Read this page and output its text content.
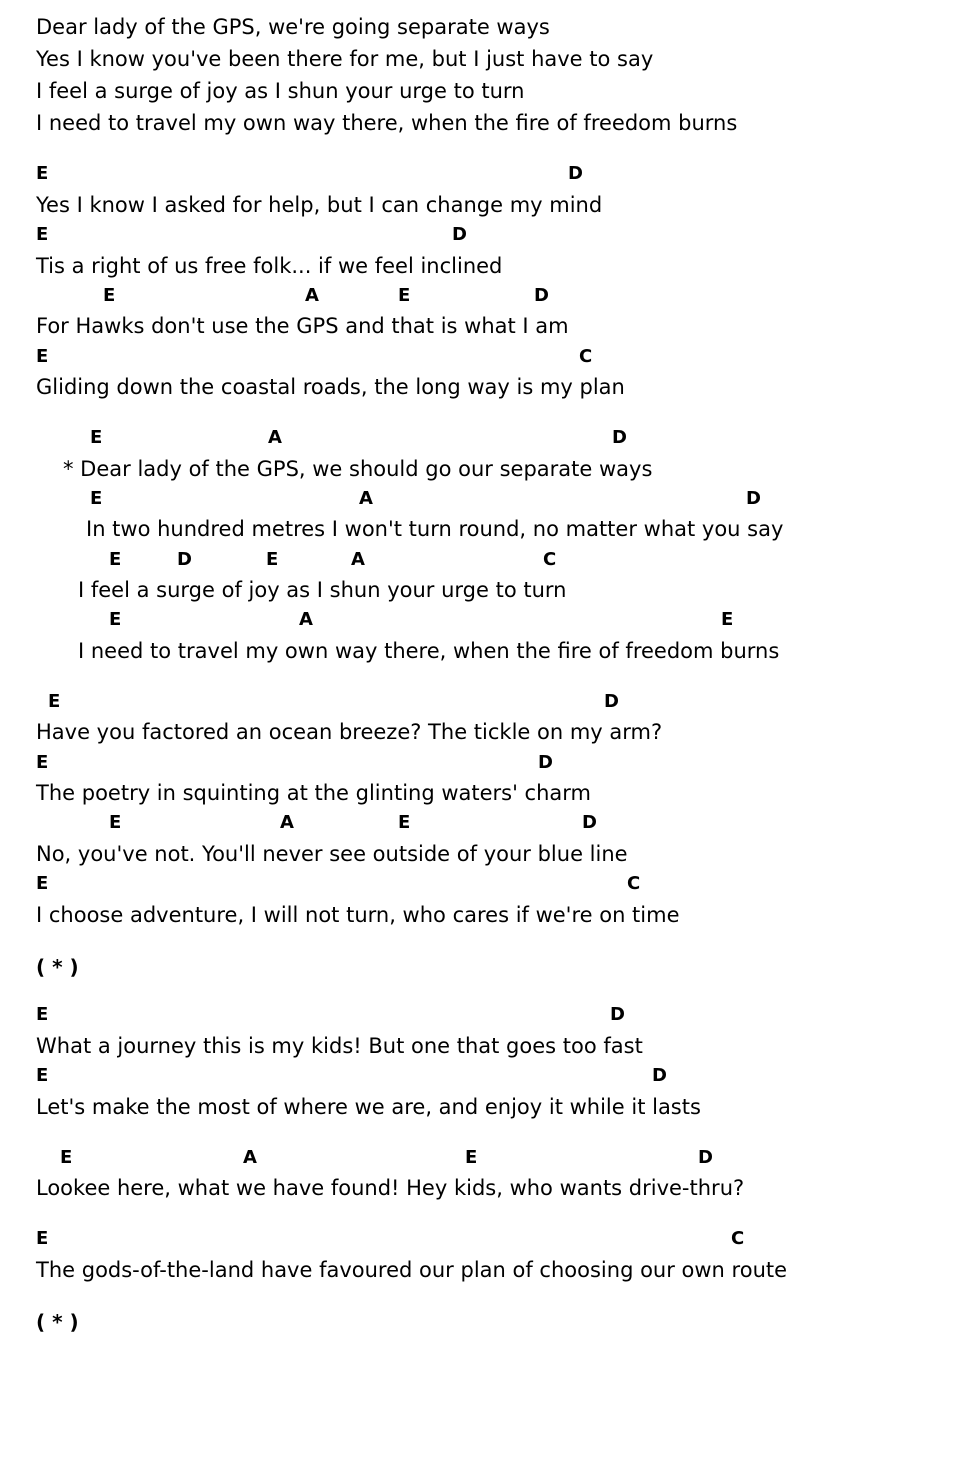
Dear lady of the GPS, we're going separate ways
Yes I know you've been there for me, but I just have to say
I feel a surge of joy as I shun your urge to turn
I need to travel my own way there, when the fire of freedom burns
E	D
Yes I know I asked for help, but I can change my mind
E	D
Tis a right of us free folk... if we feel inclined
E	A	E	D
For Hawks don't use the GPS and that is what I am
E	C
Gliding down the coastal roads, the long way is my plan
E	A	D
* Dear lady of the GPS, we should go our separate ways
E	A	D
In two hundred metres I won't turn round, no matter what you say
E	D	E	A	C
I feel a surge of joy as I shun your urge to turn
E	A	E
I need to travel my own way there, when the fire of freedom burns
E	D
Have you factored an ocean breeze? The tickle on my arm?
E	D
The poetry in squinting at the glinting waters' charm
E	A	E	D
No, you've not. You'll never see outside of your blue line
E	C
I choose adventure, I will not turn, who cares if we're on time
( * )
E	D
What a journey this is my kids! But one that goes too fast
E	D
Let's make the most of where we are, and enjoy it while it lasts
E	A	E	D
Lookee here, what we have found! Hey kids, who wants drive-thru?
E	C
The gods-of-the-land have favoured our plan of choosing our own route
( * )
